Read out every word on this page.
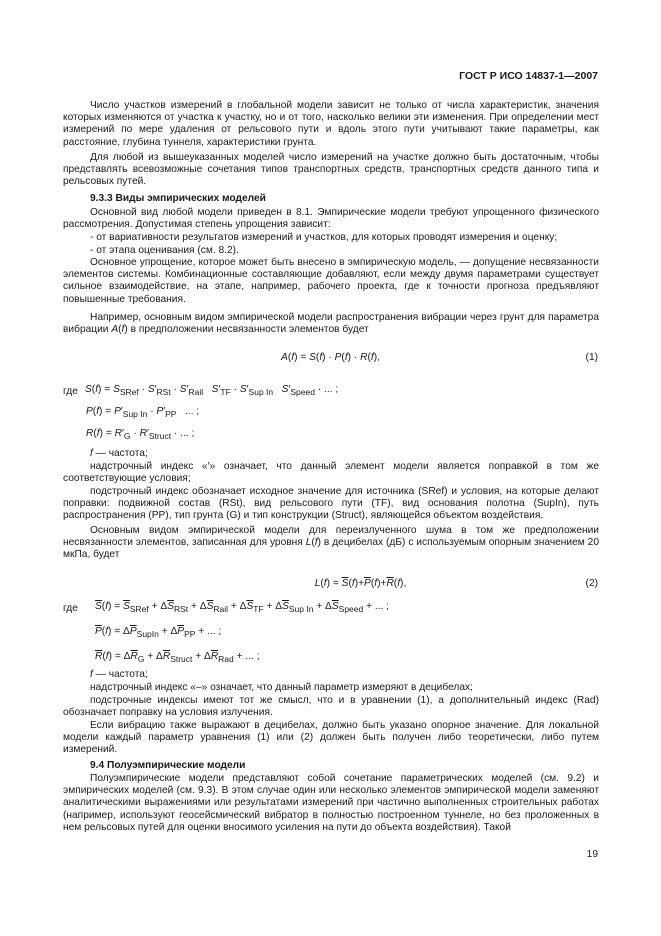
ГОСТ Р ИСО 14837-1—2007
Число участков измерений в глобальной модели зависит не только от числа характеристик, значения которых изменяются от участка к участку, но и от того, насколько велики эти изменения. При определении мест измерений по мере удаления от рельсового пути и вдоль этого пути учитывают такие параметры, как расстояние, глубина туннеля, характеристики грунта.
Для любой из вышеуказанных моделей число измерений на участке должно быть достаточным, чтобы представлять всевозможные сочетания типов транспортных средств, транспортных средств данного типа и рельсовых путей.
9.3.3 Виды эмпирических моделей
Основной вид любой модели приведен в 8.1. Эмпирические модели требуют упрощенного физического рассмотрения. Допустимая степень упрощения зависит:
- от вариативности результатов измерений и участков, для которых проводят измерения и оценку;
- от этапа оценивания (см. 8.2).
Основное упрощение, которое может быть внесено в эмпирическую модель, — допущение несвязанности элементов системы. Комбинационные составляющие добавляют, если между двумя параметрами существует сильное взаимодействие, на этапе, например, рабочего проекта, где к точности прогноза предъявляют повышенные требования.
Например, основным видом эмпирической модели распространения вибрации через грунт для параметра вибрации A(f) в предположении несвязанности элементов будет
A(f) = S(f) · P(f) · R(f),	(1)
где $S(f) = S_{SRef} \cdot S'_{RSt} \cdot S'_{Rail}$ $S'_{TF} \cdot S'_{Sup In}$ $S'_{Speed}$ · ... ;
$P(f) = P'_{Sup In} \cdot P'_{PP}$   ... ;
$R(f) = R'_G \cdot R'_{Struct}$ · ... ;
f — частота;
надстрочный индекс «′» означает, что данный элемент модели является поправкой в том же соответствующие условия;
подстрочный индекс обозначает исходное значение для источника (SRef) и условия, на которые делают поправки: подвижной состав (RSt), вид рельсового пути (TF), вид основания полотна (SupIn), путь распространения (PP), тип грунта (G) и тип конструкции (Struct), являющейся объектом воздействия.
Основным видом эмпирической модели для переизлученного шума в том же предположении несвязанности элементов, записанная для уровня L(f) в децибелах (дБ) с используемым опорным значением 20 мкПа, будет
$L(f) = \overline{S}(f)+\overline{P}(f)+\overline{R}(f)$,	(2)
где $\overline{S}(f) = \overline{S}_{SRef} + \Delta\overline{S}_{RSt} + \Delta\overline{S}_{Rail} + \Delta\overline{S}_{TF} + \Delta\overline{S}_{Sup In} + \Delta\overline{S}_{Speed}$ + ... ;
$\overline{P}(f) = \Delta\overline{P}_{SupIn} + \Delta\overline{P}_{PP}$ + ... ;
$\overline{R}(f) = \Delta\overline{R}_G + \Delta\overline{R}_{Struct} + \Delta\overline{R}_{Rad}$ + ... ;
f — частота;
надстрочный индекс «–» означает, что данный параметр измеряют в децибелах;
подстрочные индексы имеют тот же смысл, что и в уравнении (1), а дополнительный индекс (Rad) обозначает поправку на условия излучения.
Если вибрацию также выражают в децибелах, должно быть указано опорное значение. Для локальной модели каждый параметр уравнения (1) или (2) должен быть получен либо теоретически, либо путем измерений.
9.4 Полуэмпирические модели
Полуэмпирические модели представляют собой сочетание параметрических моделей (см. 9.2) и эмпирических моделей (см. 9.3). В этом случае один или несколько элементов эмпирической модели заменяют аналитическими выражениями или результатами измерений при частично выполненных строительных работах (например, используют геосейсмический вибратор в полностью построенном туннеле, но без проложенных в нем рельсовых путей для оценки вносимого усиления на пути до объекта воздействия). Такой
19
